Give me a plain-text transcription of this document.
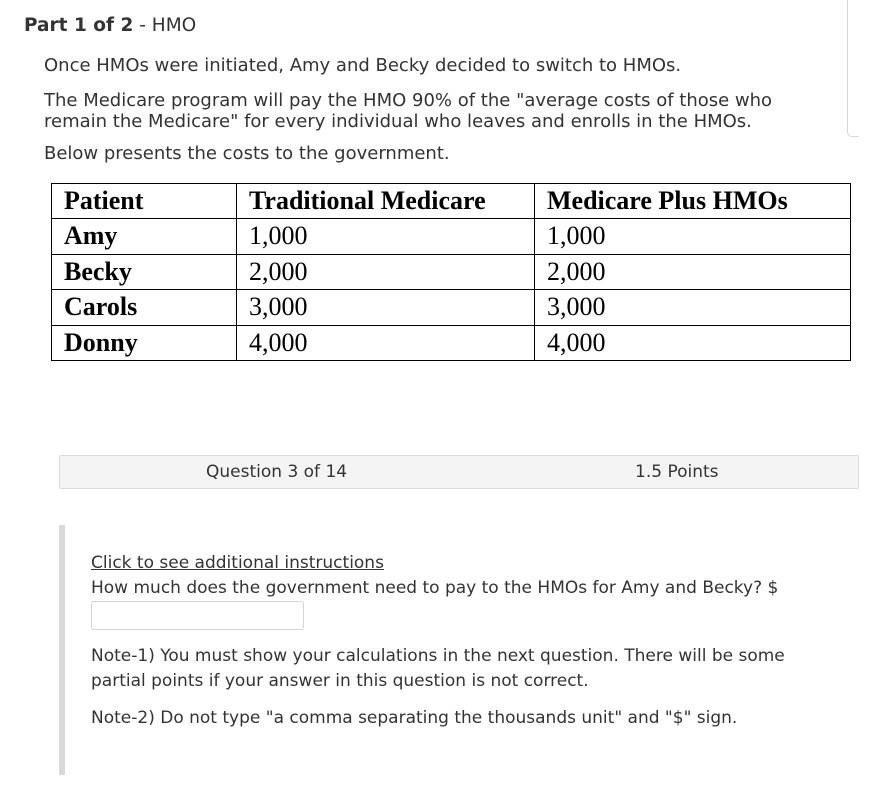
Part 1 of 2 - HMO
Once HMOs were initiated, Amy and Becky decided to switch to HMOs.
The Medicare program will pay the HMO 90% of the "average costs of those who remain the Medicare" for every individual who leaves and enrolls in the HMOs.
Below presents the costs to the government.
Patient	Traditional Medicare	Medicare Plus HMOs
Amy	1,000	1,000
Becky	2,000	2,000
Carols	3,000	3,000
Donny	4,000	4,000
Question 3 of 14	1.5 Points
Click to see additional instructions
How much does the government need to pay to the HMOs for Amy and Becky? $
Note-1) You must show your calculations in the next question. There will be some partial points if your answer in this question is not correct.
Note-2) Do not type "a comma separating the thousands unit" and "$" sign.
